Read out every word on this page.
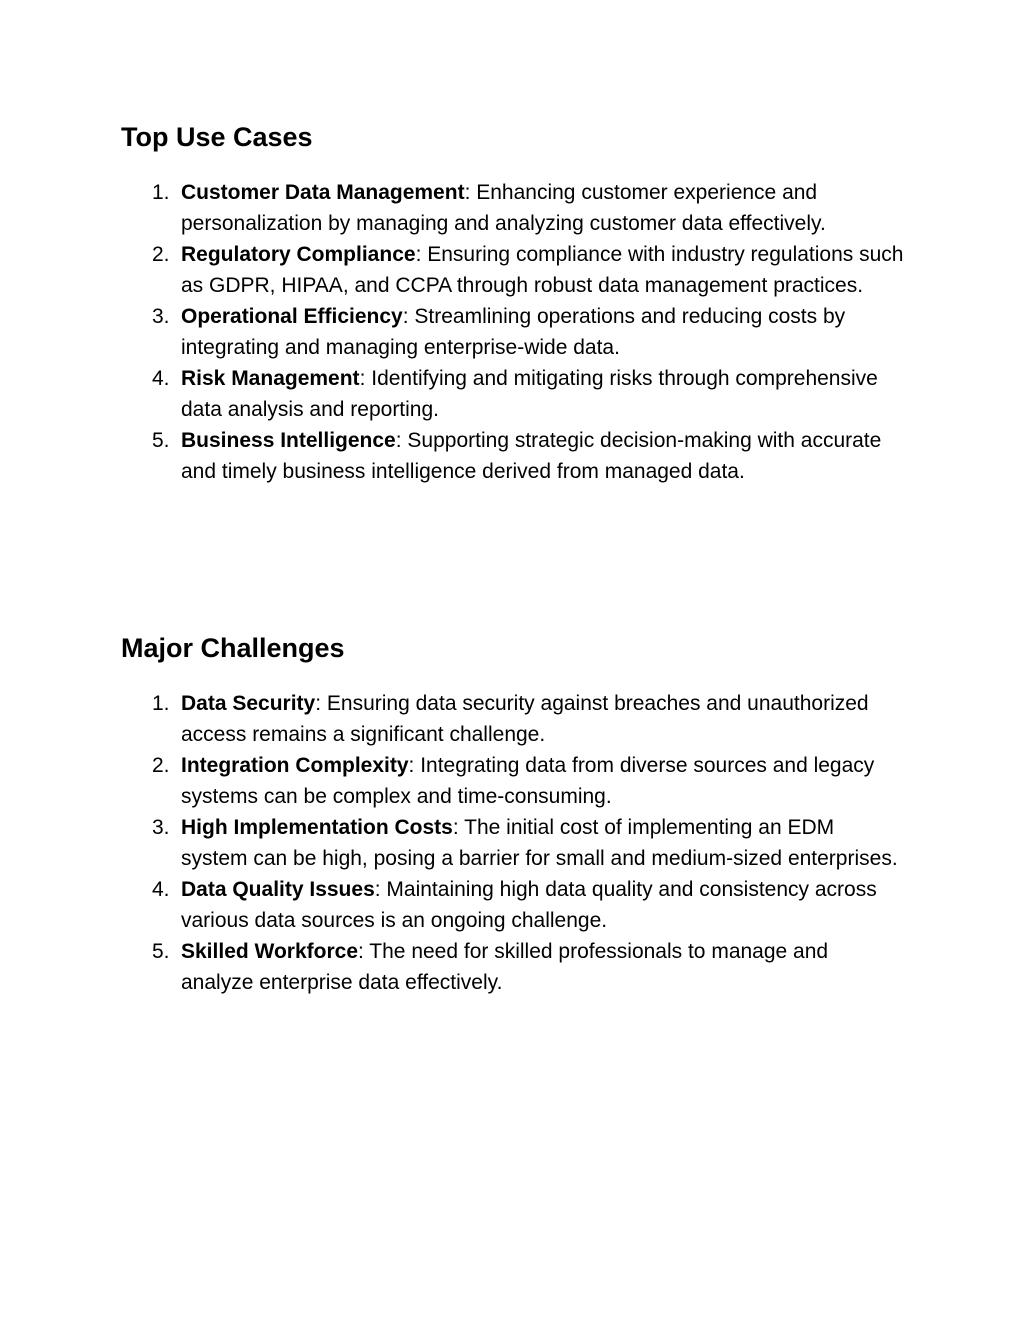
Top Use Cases
1. Customer Data Management: Enhancing customer experience and personalization by managing and analyzing customer data effectively.
2. Regulatory Compliance: Ensuring compliance with industry regulations such as GDPR, HIPAA, and CCPA through robust data management practices.
3. Operational Efficiency: Streamlining operations and reducing costs by integrating and managing enterprise-wide data.
4. Risk Management: Identifying and mitigating risks through comprehensive data analysis and reporting.
5. Business Intelligence: Supporting strategic decision-making with accurate and timely business intelligence derived from managed data.
Major Challenges
1. Data Security: Ensuring data security against breaches and unauthorized access remains a significant challenge.
2. Integration Complexity: Integrating data from diverse sources and legacy systems can be complex and time-consuming.
3. High Implementation Costs: The initial cost of implementing an EDM system can be high, posing a barrier for small and medium-sized enterprises.
4. Data Quality Issues: Maintaining high data quality and consistency across various data sources is an ongoing challenge.
5. Skilled Workforce: The need for skilled professionals to manage and analyze enterprise data effectively.
